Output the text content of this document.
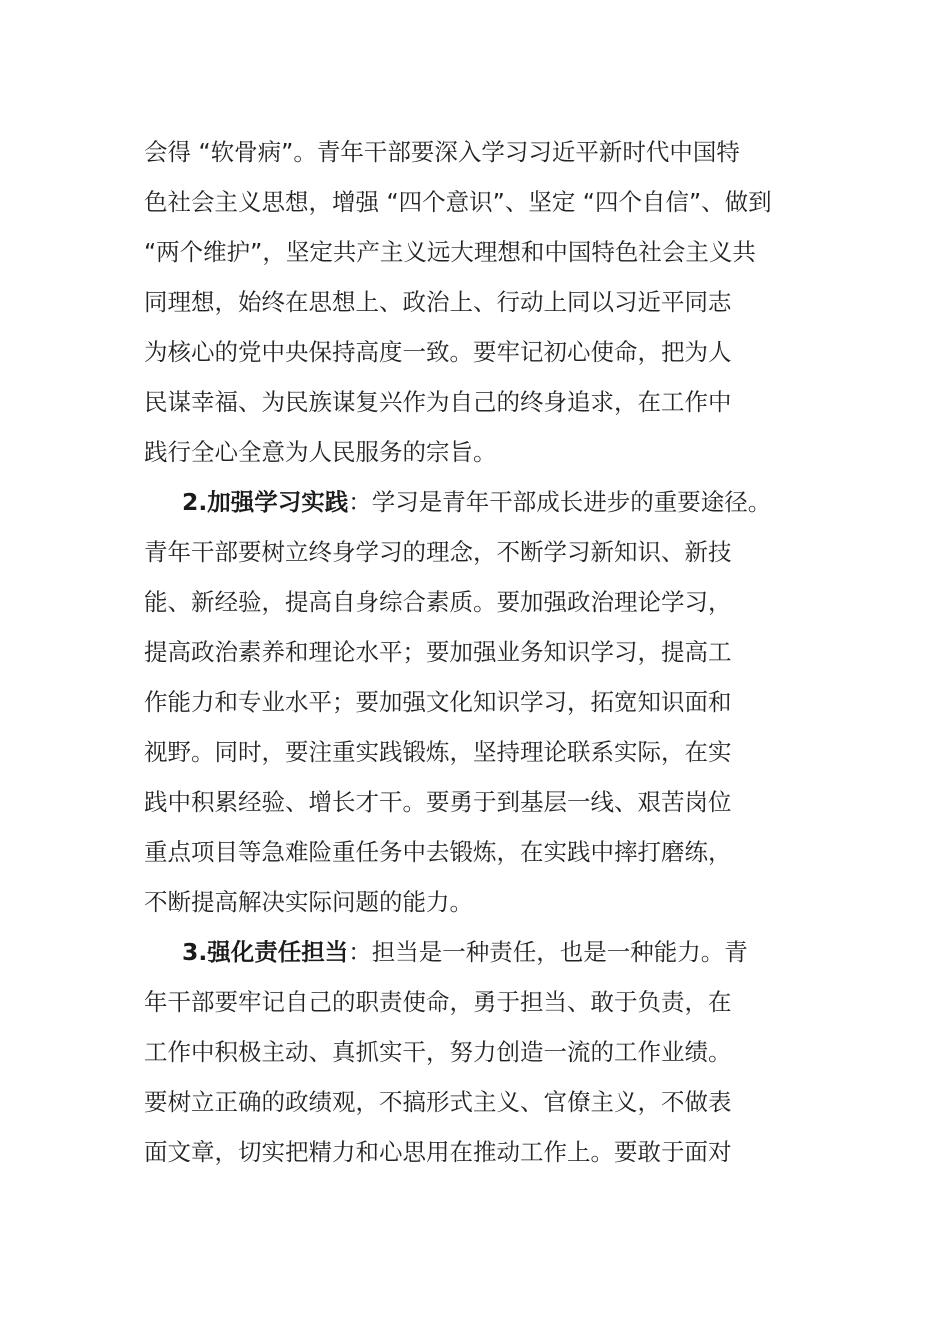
会得 “软骨病”。青年干部要深入学习习近平新时代中国特
色社会主义思想，增强 “四个意识”、坚定 “四个自信”、做到
“两个维护”，坚定共产主义远大理想和中国特色社会主义共
同理想，始终在思想上、政治上、行动上同以习近平同志
为核心的党中央保持高度一致。要牢记初心使命，把为人
民谋幸福、为民族谋复兴作为自己的终身追求，在工作中
践行全心全意为人民服务的宗旨。
2.加强学习实践：学习是青年干部成长进步的重要途径。
青年干部要树立终身学习的理念，不断学习新知识、新技
能、新经验，提高自身综合素质。要加强政治理论学习，
提高政治素养和理论水平；要加强业务知识学习，提高工
作能力和专业水平；要加强文化知识学习，拓宽知识面和
视野。同时，要注重实践锻炼，坚持理论联系实际，在实
践中积累经验、增长才干。要勇于到基层一线、艰苦岗位
重点项目等急难险重任务中去锻炼，在实践中摔打磨练，
不断提高解决实际问题的能力。
3.强化责任担当：担当是一种责任，也是一种能力。青
年干部要牢记自己的职责使命，勇于担当、敢于负责，在
工作中积极主动、真抓实干，努力创造一流的工作业绩。
要树立正确的政绩观，不搞形式主义、官僚主义，不做表
面文章，切实把精力和心思用在推动工作上。要敢于面对
